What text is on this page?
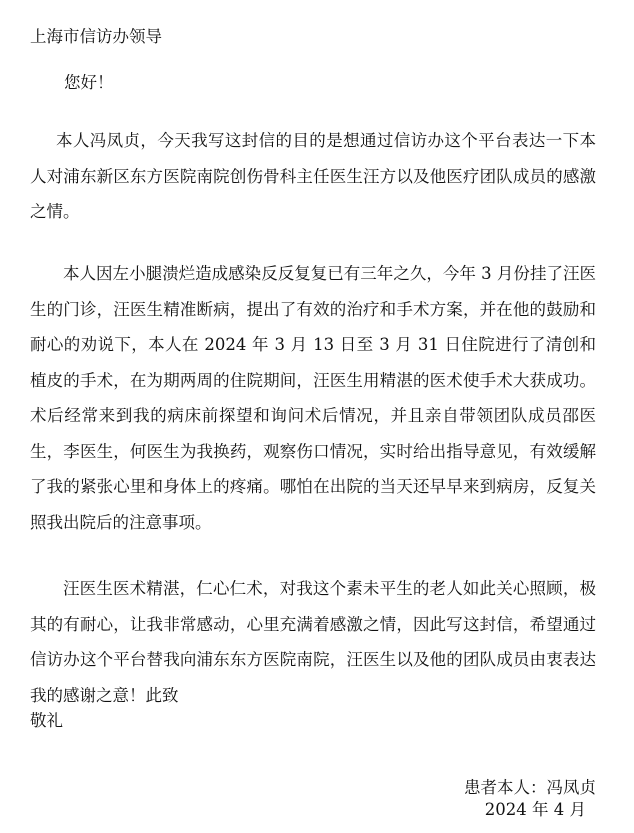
上海市信访办领导
您好！
本人冯凤贞，今天我写这封信的目的是想通过信访办这个平台表达一下本人对浦东新区东方医院南院创伤骨科主任医生汪方以及他医疗团队成员的感激之情。
本人因左小腿溃烂造成感染反反复复已有三年之久，今年 3 月份挂了汪医生的门诊，汪医生精准断病，提出了有效的治疗和手术方案，并在他的鼓励和耐心的劝说下，本人在 2024 年 3 月 13 日至 3 月 31 日住院进行了清创和植皮的手术，在为期两周的住院期间，汪医生用精湛的医术使手术大获成功。术后经常来到我的病床前探望和询问术后情况，并且亲自带领团队成员邵医生，李医生，何医生为我换药，观察伤口情况，实时给出指导意见，有效缓解了我的紧张心里和身体上的疼痛。哪怕在出院的当天还早早来到病房，反复关照我出院后的注意事项。
汪医生医术精湛，仁心仁术，对我这个素未平生的老人如此关心照顾，极其的有耐心，让我非常感动，心里充满着感激之情，因此写这封信，希望通过信访办这个平台替我向浦东东方医院南院，汪医生以及他的团队成员由衷表达我的感谢之意！此致
敬礼
患者本人：冯凤贞
2024 年 4 月
